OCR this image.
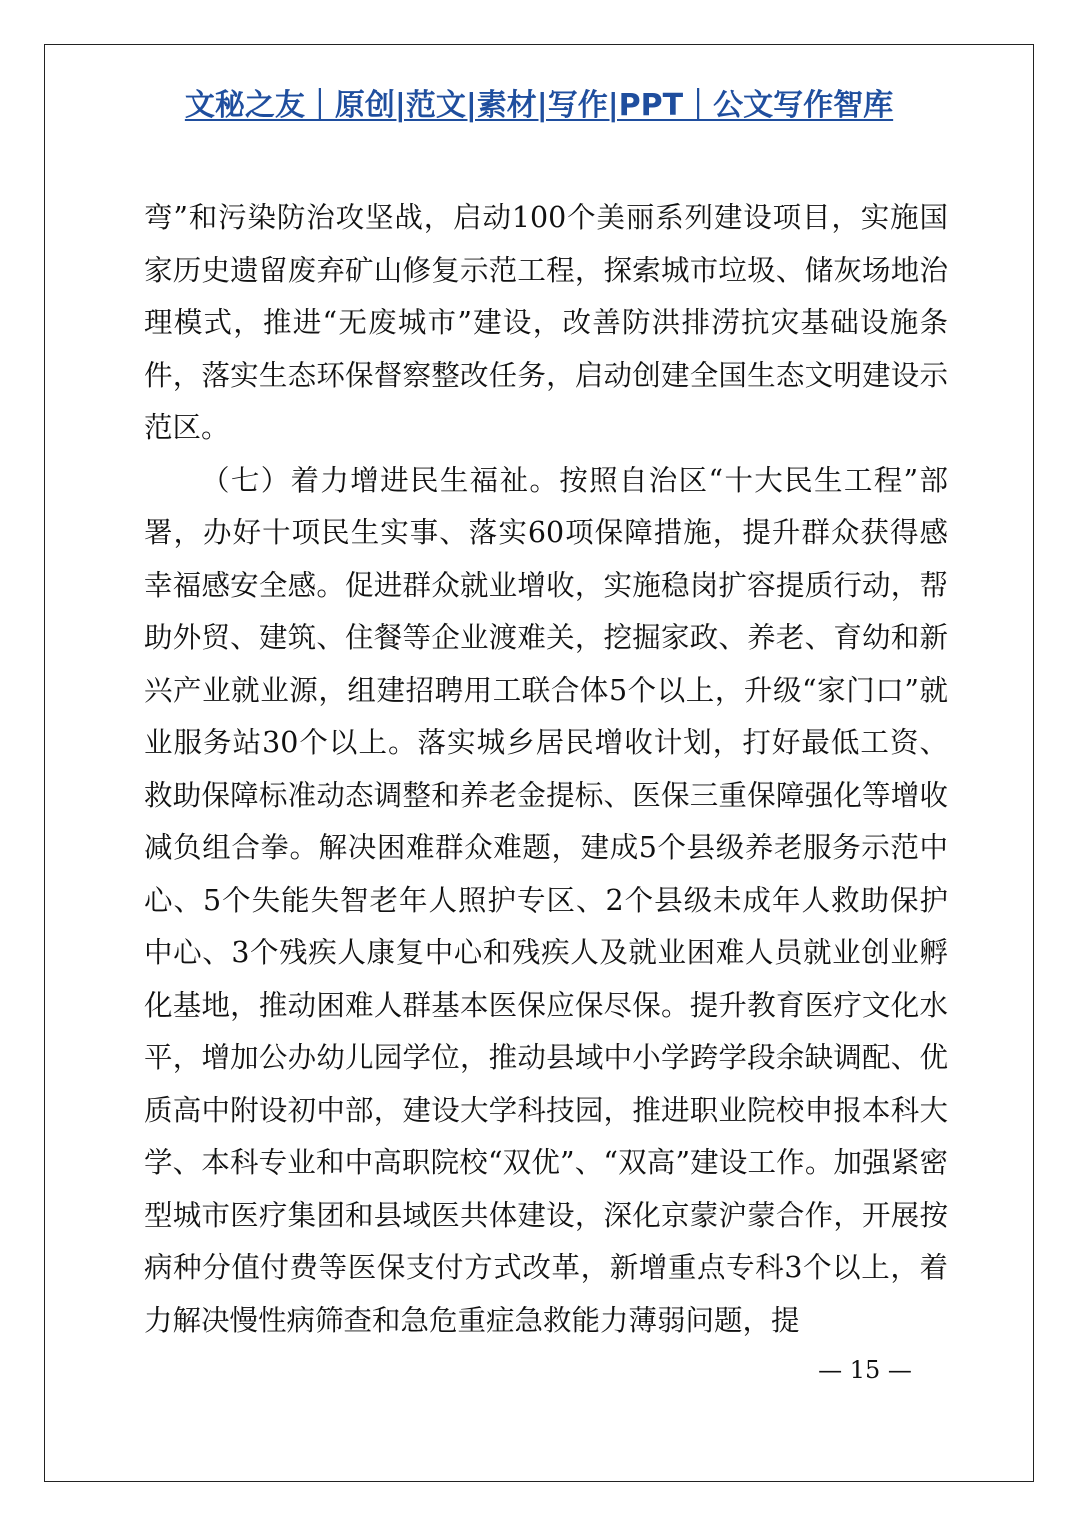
文秘之友｜原创|范文|素材|写作|PPT｜公文写作智库

弯”和污染防治攻坚战，启动100个美丽系列建设项目，实施国家历史遗留废弃矿山修复示范工程，探索城市垃圾、储灰场地治理模式，推进“无废城市”建设，改善防洪排涝抗灾基础设施条件，落实生态环保督察整改任务，启动创建全国生态文明建设示范区。

（七）着力增进民生福祉。按照自治区“十大民生工程”部署，办好十项民生实事、落实60项保障措施，提升群众获得感幸福感安全感。促进群众就业增收，实施稳岗扩容提质行动，帮助外贸、建筑、住餐等企业渡难关，挖掘家政、养老、育幼和新兴产业就业源，组建招聘用工联合体5个以上，升级“家门口”就业服务站30个以上。落实城乡居民增收计划，打好最低工资、救助保障标准动态调整和养老金提标、医保三重保障强化等增收减负组合拳。解决困难群众难题，建成5个县级养老服务示范中心、5个失能失智老年人照护专区、2个县级未成年人救助保护中心、3个残疾人康复中心和残疾人及就业困难人员就业创业孵化基地，推动困难人群基本医保应保尽保。提升教育医疗文化水平，增加公办幼儿园学位，推动县域中小学跨学段余缺调配、优质高中附设初中部，建设大学科技园，推进职业院校申报本科大学、本科专业和中高职院校“双优”、“双高”建设工作。加强紧密型城市医疗集团和县域医共体建设，深化京蒙沪蒙合作，开展按病种分值付费等医保支付方式改革，新增重点专科3个以上，着力解决慢性病筛查和急危重症急救能力薄弱问题，提

— 15 —
